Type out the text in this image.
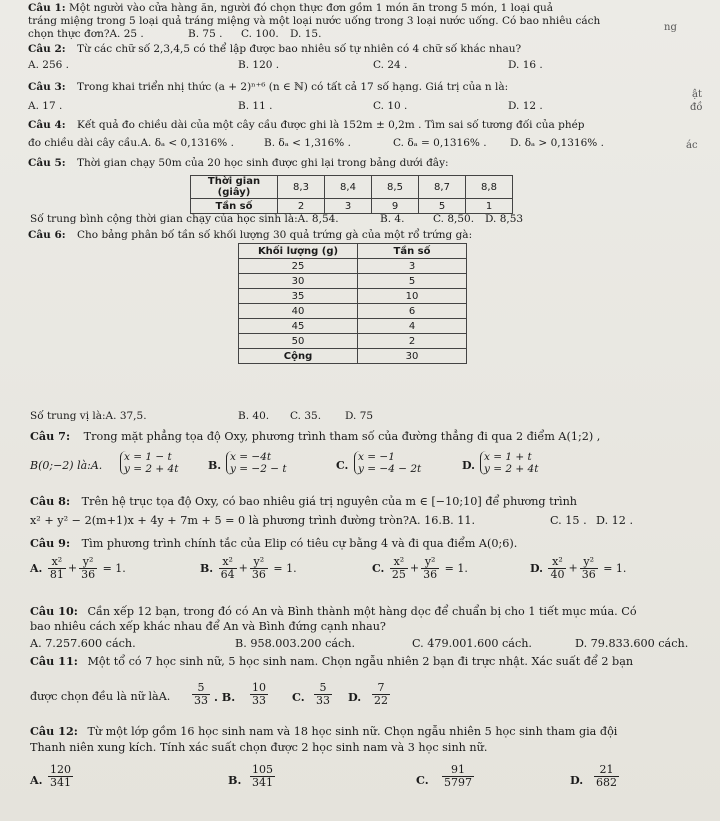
ng
ật
đồ
ác
Câu 1: Một người vào cửa hàng ăn, người đó chọn thực đơn gồm 1 món ăn trong 5 món, 1 loại quả
tráng miệng trong 5 loại quả tráng miệng và một loại nước uống trong 3 loại nước uống. Có bao nhiêu cách
chọn thực đơn?A. 25 .	B. 75 . C. 100. D. 15.
Câu 2: Từ các chữ số 2,3,4,5 có thể lập được bao nhiêu số tự nhiên có 4 chữ số khác nhau?
A. 256 .	B. 120 .	C. 24 .	D. 16 .
Câu 3: Trong khai triển nhị thức (a + 2)ⁿ⁺⁶ (n ∈ ℕ) có tất cả 17 số hạng. Giá trị của n là:
A. 17 .	B. 11 .	C. 10 .	D. 12 .
Câu 4: Kết quả đo chiều dài của một cây cầu được ghi là 152m ± 0,2m . Tìm sai số tương đối của phép
đo chiều dài cây cầu.A. δₐ < 0,1316% .	B. δₐ < 1,316% .	C. δₐ = 0,1316% . D. δₐ > 0,1316% .
Câu 5: Thời gian chạy 50m của 20 học sinh được ghi lại trong bảng dưới đây:
Thời gian (giây)	8,3	8,4	8,5	8,7	8,8
Tần số	2	3	9	5	1
Số trung bình cộng thời gian chạy của học sinh là:A. 8,54.	B. 4.	C. 8,50. D. 8,53
Câu 6: Cho bảng phân bố tần số khối lượng 30 quả trứng gà của một rổ trứng gà:
Khối lượng (g)	Tần số
25	3
30	5
35	10
40	6
45	4
50	2
Cộng	30
Số trung vị là:A. 37,5.	B. 40. C. 35. D. 75
Câu 7: Trong mặt phẳng tọa độ Oxy, phương trình tham số của đường thẳng đi qua 2 điểm A(1;2) ,
B(0;−2) là:A.
x = 1 − t
y = 2 + 4t	B.
x = −4t
y = −2 − t	C.
x = −1
y = −4 − 2t	D.
x = 1 + t
y = 2 + 4t
Câu 8: Trên hệ trục tọa độ Oxy, có bao nhiêu giá trị nguyên của m ∈ [−10;10] để phương trình
x² + y² − 2(m+1)x + 4y + 7m + 5 = 0 là phương trình đường tròn?A. 16.B. 11.	C. 15 . D. 12 .
Câu 9: Tìm phương trình chính tắc của Elip có tiêu cự bằng 4 và đi qua điểm A(0;6).
A. $\frac{\text{x²}}{81} + \frac{\text{y²}}{36} = 1$.	B. $\frac{\text{x²}}{64} + \frac{\text{y²}}{36} = 1$.	C. $\frac{\text{x²}}{25} + \frac{\text{y²}}{36} = 1$.	D. $\frac{\text{x²}}{40} + \frac{\text{y²}}{36} = 1$.
Câu 10: Cần xếp 12 bạn, trong đó có An và Bình thành một hàng dọc để chuẩn bị cho 1 tiết mục múa. Có
bao nhiêu cách xếp khác nhau để An và Bình đứng cạnh nhau?
A. 7.257.600 cách.	B. 958.003.200 cách.	C. 479.001.600 cách.	D. 79.833.600 cách.
Câu 11: Một tổ có 7 học sinh nữ, 5 học sinh nam. Chọn ngẫu nhiên 2 bạn đi trực nhật. Xác suất để 2 bạn
được chọn đều là nữ làA. $\frac{5}{33}$ . B. $\frac{10}{33} C$. $\frac{5}{33} D$. $\frac{7}{22}$
Câu 12: Từ một lớp gồm 16 học sinh nam và 18 học sinh nữ. Chọn ngẫu nhiên 5 học sinh tham gia đội
Thanh niên xung kích. Tính xác suất chọn được 2 học sinh nam và 3 học sinh nữ.
A. $\frac{120}{341}$	B. $\frac{105}{341}$	C. $\frac{91}{5797}$	D. $\frac{21}{682}$
